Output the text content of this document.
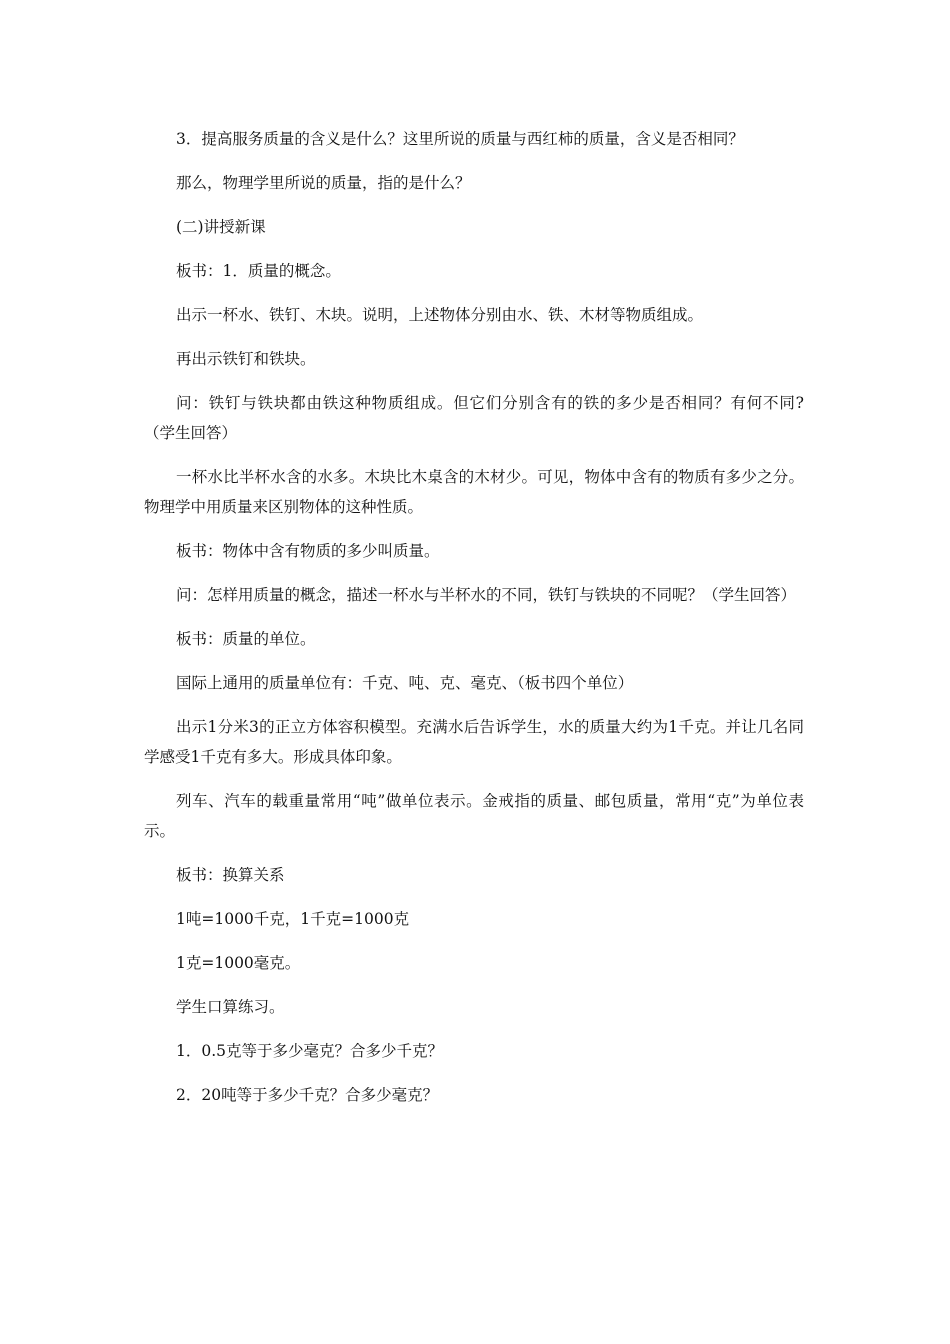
3．提高服务质量的含义是什么？这里所说的质量与西红柿的质量，含义是否相同？

那么，物理学里所说的质量，指的是什么？

(二)讲授新课

板书：1．质量的概念。

出示一杯水、铁钉、木块。说明，上述物体分别由水、铁、木材等物质组成。

再出示铁钉和铁块。

问：铁钉与铁块都由铁这种物质组成。但它们分别含有的铁的多少是否相同？有何不同?（学生回答）

一杯水比半杯水含的水多。木块比木桌含的木材少。可见，物体中含有的物质有多少之分。物理学中用质量来区别物体的这种性质。

板书：物体中含有物质的多少叫质量。

问：怎样用质量的概念，描述一杯水与半杯水的不同，铁钉与铁块的不同呢？（学生回答）

板书：质量的单位。

国际上通用的质量单位有：千克、吨、克、毫克、（板书四个单位）

出示1分米3的正立方体容积模型。充满水后告诉学生，水的质量大约为1千克。并让几名同学感受1千克有多大。形成具体印象。

列车、汽车的载重量常用“吨”做单位表示。金戒指的质量、邮包质量，常用“克”为单位表示。

板书：换算关系

1吨=1000千克，1千克=1000克

1克=1000毫克。

学生口算练习。

1．0.5克等于多少毫克？合多少千克？

2．20吨等于多少千克？合多少毫克？
